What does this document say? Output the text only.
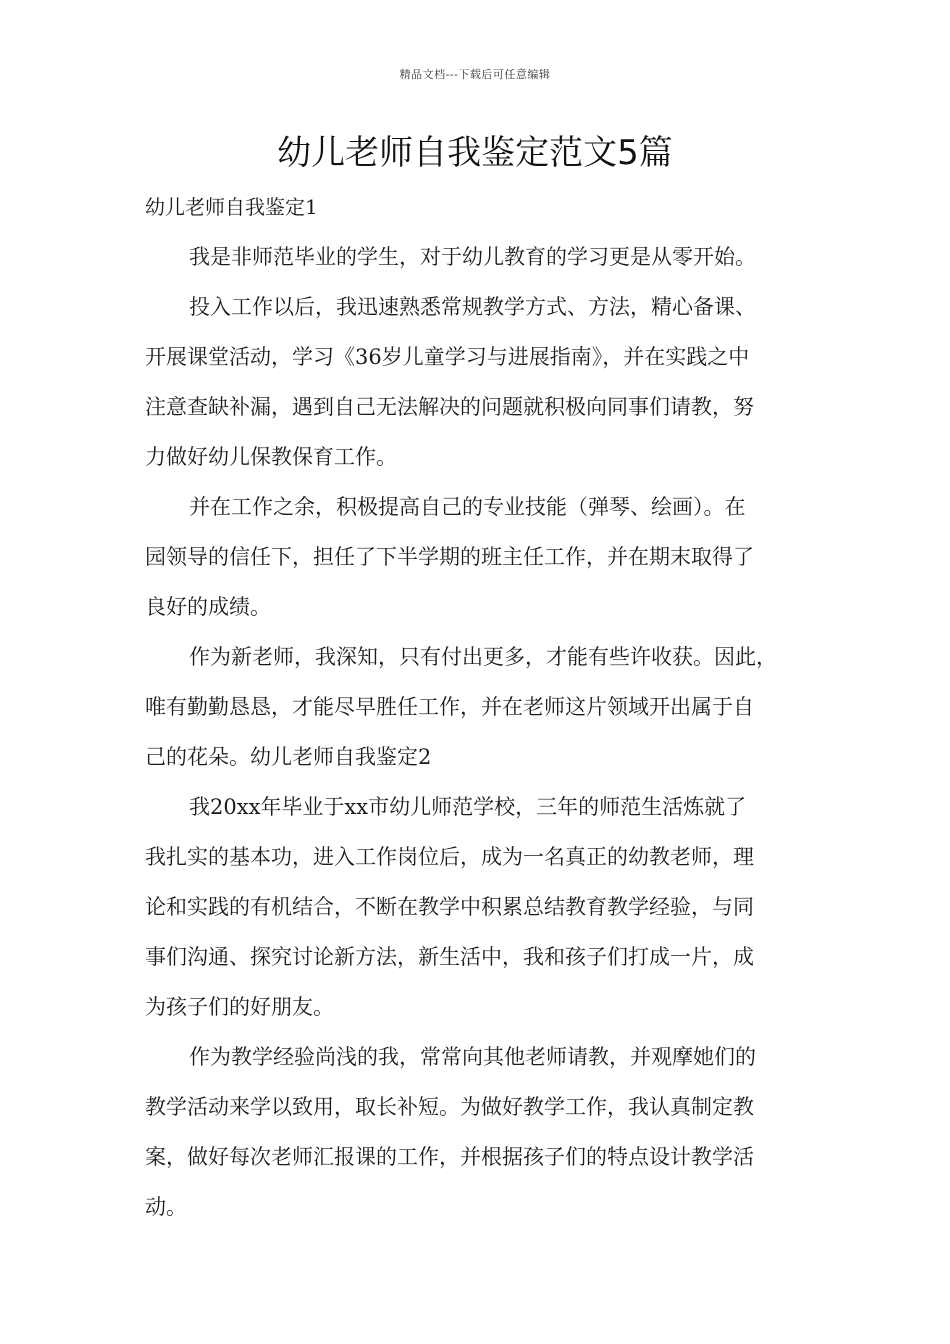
精品文档---下载后可任意编辑
幼儿老师自我鉴定范文5篇

幼儿老师自我鉴定1

我是非师范毕业的学生，对于幼儿教育的学习更是从零开始。

投入工作以后，我迅速熟悉常规教学方式、方法，精心备课、

开展课堂活动，学习《36岁儿童学习与进展指南》，并在实践之中

注意查缺补漏，遇到自己无法解决的问题就积极向同事们请教，努

力做好幼儿保教保育工作。

并在工作之余，积极提高自己的专业技能（弹琴、绘画）。在

园领导的信任下，担任了下半学期的班主任工作，并在期末取得了

良好的成绩。

作为新老师，我深知，只有付出更多，才能有些许收获。因此，

唯有勤勤恳恳，才能尽早胜任工作，并在老师这片领域开出属于自

己的花朵。幼儿老师自我鉴定2

我20xx年毕业于xx市幼儿师范学校，三年的师范生活炼就了

我扎实的基本功，进入工作岗位后，成为一名真正的幼教老师，理

论和实践的有机结合，不断在教学中积累总结教育教学经验，与同

事们沟通、探究讨论新方法，新生活中，我和孩子们打成一片，成

为孩子们的好朋友。

作为教学经验尚浅的我，常常向其他老师请教，并观摩她们的

教学活动来学以致用，取长补短。为做好教学工作，我认真制定教

案，做好每次老师汇报课的工作，并根据孩子们的特点设计教学活

动。
